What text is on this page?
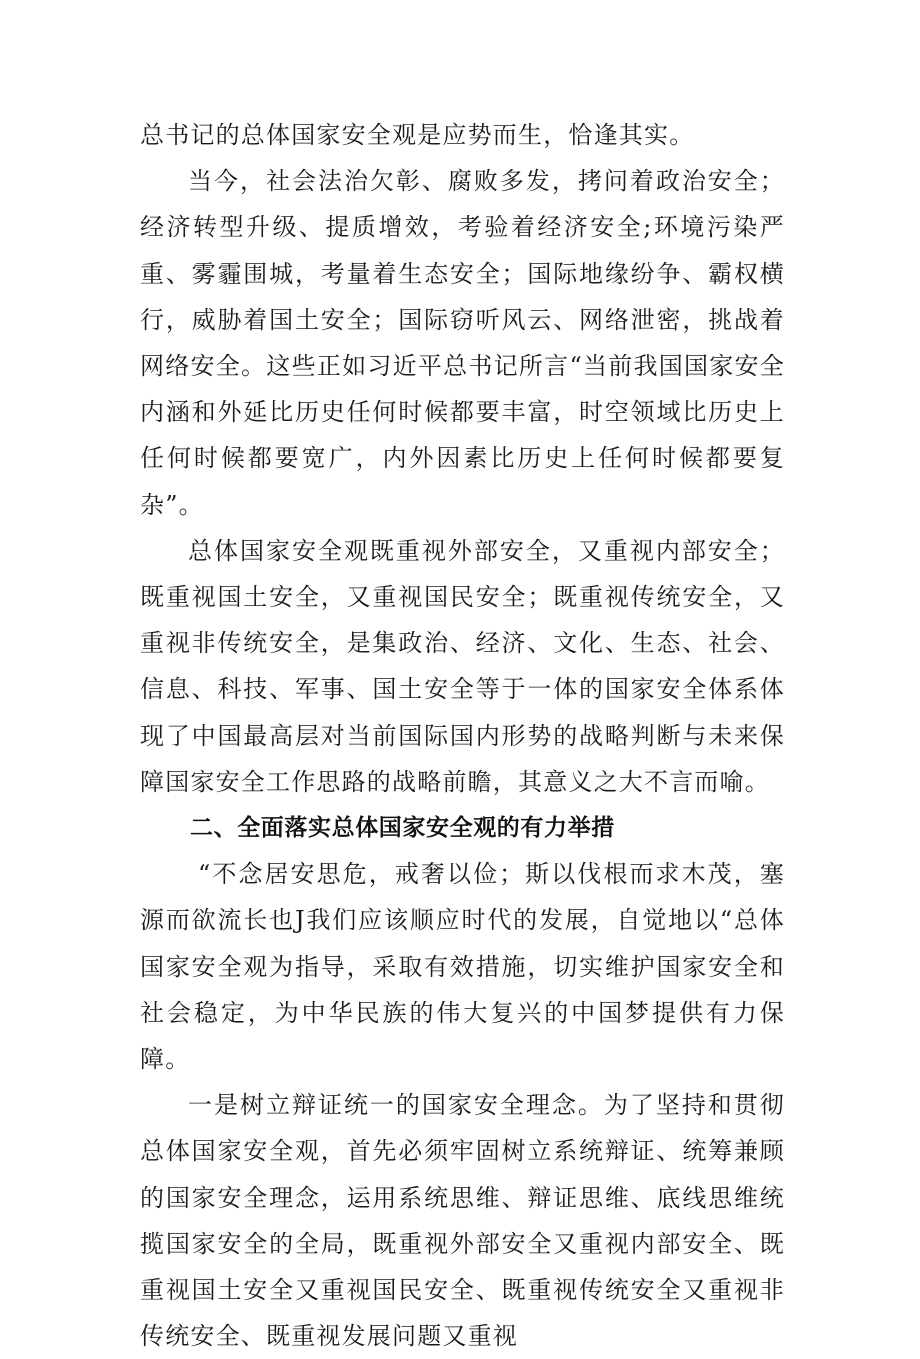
总书记的总体国家安全观是应势而生，恰逢其实。

当今，社会法治欠彰、腐败多发，拷问着政治安全；经济转型升级、提质增效，考验着经济安全;环境污染严重、雾霾围城，考量着生态安全；国际地缘纷争、霸权横行，威胁着国土安全；国际窃听风云、网络泄密，挑战着网络安全。这些正如习近平总书记所言“当前我国国家安全内涵和外延比历史任何时候都要丰富，时空领域比历史上任何时候都要宽广，内外因素比历史上任何时候都要复杂”。

总体国家安全观既重视外部安全，又重视内部安全；既重视国土安全，又重视国民安全；既重视传统安全，又重视非传统安全，是集政治、经济、文化、生态、社会、信息、科技、军事、国土安全等于一体的国家安全体系体现了中国最高层对当前国际国内形势的战略判断与未来保障国家安全工作思路的战略前瞻，其意义之大不言而喻。

二、全面落实总体国家安全观的有力举措

“不念居安思危，戒奢以俭；斯以伐根而求木茂，塞源而欲流长也J我们应该顺应时代的发展，自觉地以“总体国家安全观为指导，采取有效措施，切实维护国家安全和社会稳定，为中华民族的伟大复兴的中国梦提供有力保障。

一是树立辩证统一的国家安全理念。为了坚持和贯彻总体国家安全观，首先必须牢固树立系统辩证、统筹兼顾的国家安全理念，运用系统思维、辩证思维、底线思维统揽国家安全的全局，既重视外部安全又重视内部安全、既重视国土安全又重视国民安全、既重视传统安全又重视非传统安全、既重视发展问题又重视
